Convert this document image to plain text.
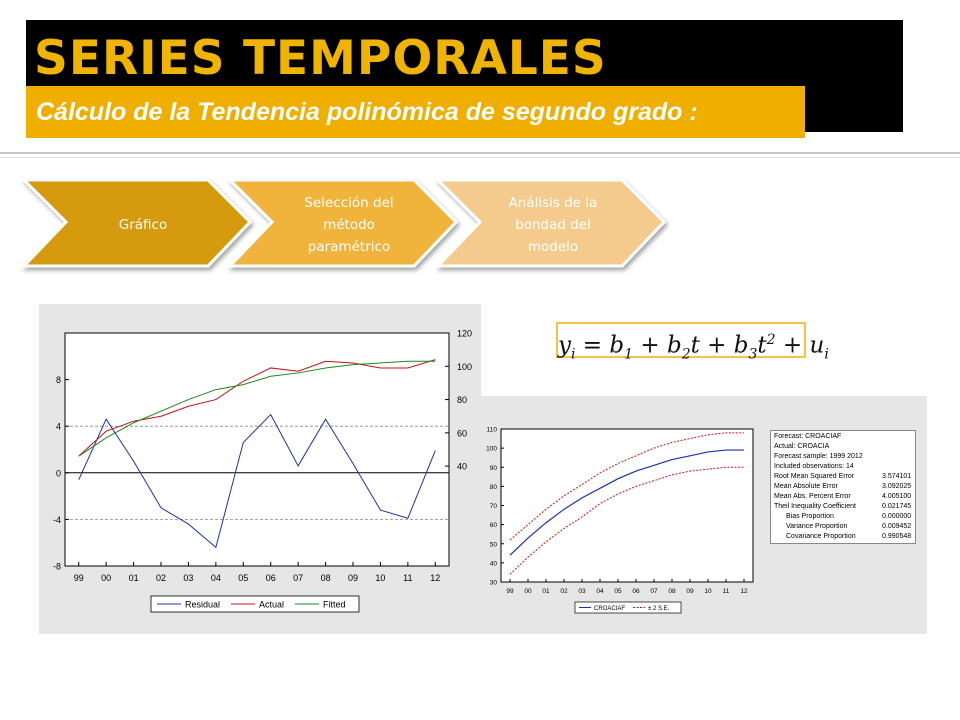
SERIES TEMPORALES
Cálculo de la Tendencia polinómica de segundo grado :
Gráfico
Selección del método paramétrico
Análisis de la bondad del modelo
$y_i = b_1 + b_2t + b_3t^2 + u_i$
-8
-4
0
4
8
40
60
80
100
120
99 00 01 02 03 04 05 06 07 08 09 10 11 12
Residual	Actual	Fitted
30
40
50
60
70
80
90
100
110
99 00 01 02 03 04 05 06 07 08 09 10 11 12
CROACIAF	± 2 S.E.
Forecast: CROACIAF
Actual: CROACIA
Forecast sample: 1999 2012
Included observations: 14
Root Mean Squared Error	3.574101
Mean Absolute Error	3.092025
Mean Abs. Percent Error	4.005100
Theil Inequality Coefficient	0.021745
Bias Proportion	0.000000
Variance Proportion	0.009452
Covariance Proportion	0.990548
